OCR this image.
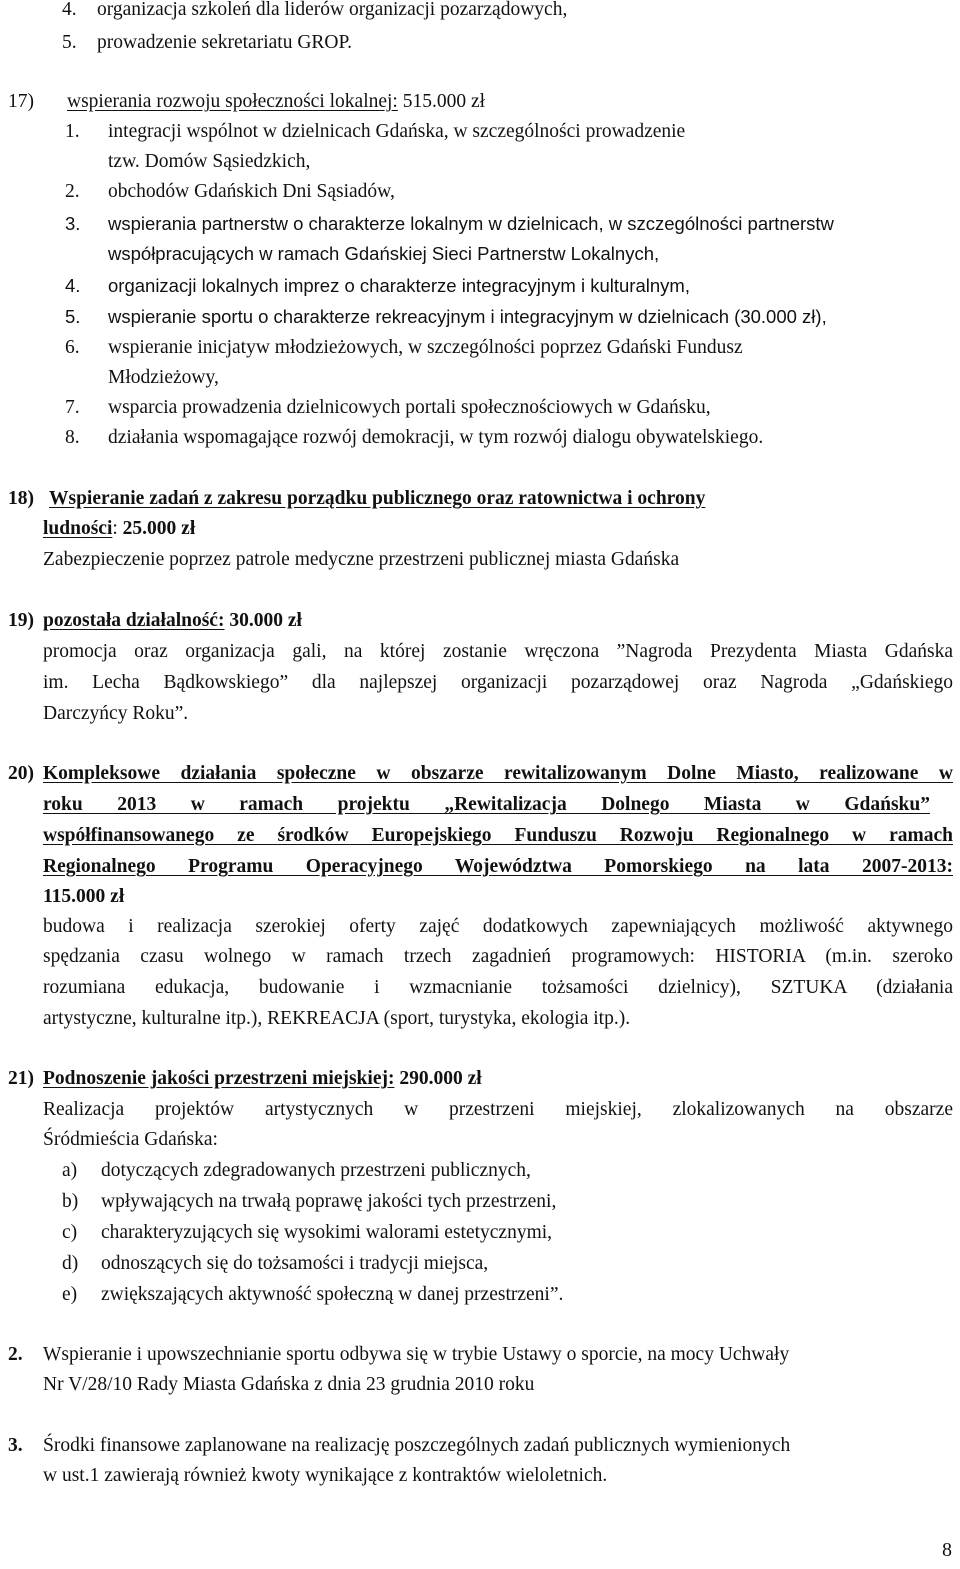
4. organizacja szkoleń dla liderów organizacji pozarządowych,
5. prowadzenie sekretariatu GROP.
17) wspierania rozwoju społeczności lokalnej: 515.000 zł
1. integracji wspólnot w dzielnicach Gdańska, w szczególności prowadzenie
tzw. Domów Sąsiedzkich,
2. obchodów Gdańskich Dni Sąsiadów,
3. wspierania partnerstw o charakterze lokalnym w dzielnicach, w szczególności partnerstw
współpracujących w ramach Gdańskiej Sieci Partnerstw Lokalnych,
4. organizacji lokalnych imprez o charakterze integracyjnym i kulturalnym,
5. wspieranie sportu o charakterze rekreacyjnym i integracyjnym w dzielnicach (30.000 zł),
6. wspieranie inicjatyw młodzieżowych, w szczególności poprzez Gdański Fundusz
Młodzieżowy,
7. wsparcia prowadzenia dzielnicowych portali społecznościowych w Gdańsku,
8. działania wspomagające rozwój demokracji, w tym rozwój dialogu obywatelskiego.
18) Wspieranie zadań z zakresu porządku publicznego oraz ratownictwa i ochrony
ludności: 25.000 zł
Zabezpieczenie poprzez patrole medyczne przestrzeni publicznej miasta Gdańska
19) pozostała działalność: 30.000 zł
promocja oraz organizacja gali, na której zostanie wręczona ”Nagroda Prezydenta Miasta Gdańska
im. Lecha Bądkowskiego” dla najlepszej organizacji pozarządowej oraz Nagroda „Gdańskiego
Darczyńcy Roku”.
20) Kompleksowe działania społeczne w obszarze rewitalizowanym Dolne Miasto, realizowane w
roku 2013 w ramach projektu „Rewitalizacja Dolnego Miasta w Gdańsku”
współfinansowanego ze środków Europejskiego Funduszu Rozwoju Regionalnego w ramach
Regionalnego Programu Operacyjnego Województwa Pomorskiego na lata 2007-2013:
115.000 zł
budowa i realizacja szerokiej oferty zajęć dodatkowych zapewniających możliwość aktywnego
spędzania czasu wolnego w ramach trzech zagadnień programowych: HISTORIA (m.in. szeroko
rozumiana edukacja, budowanie i wzmacnianie tożsamości dzielnicy), SZTUKA (działania
artystyczne, kulturalne itp.), REKREACJA (sport, turystyka, ekologia itp.).
21) Podnoszenie jakości przestrzeni miejskiej: 290.000 zł
Realizacja projektów artystycznych w przestrzeni miejskiej, zlokalizowanych na obszarze
Śródmieścia Gdańska:
a) dotyczących zdegradowanych przestrzeni publicznych,
b) wpływających na trwałą poprawę jakości tych przestrzeni,
c) charakteryzujących się wysokimi walorami estetycznymi,
d) odnoszących się do tożsamości i tradycji miejsca,
e) zwiększających aktywność społeczną w danej przestrzeni”.
2. Wspieranie i upowszechnianie sportu odbywa się w trybie Ustawy o sporcie, na mocy Uchwały
Nr V/28/10 Rady Miasta Gdańska z dnia 23 grudnia 2010 roku
3. Środki finansowe zaplanowane na realizację poszczególnych zadań publicznych wymienionych
w ust.1 zawierają również kwoty wynikające z kontraktów wieloletnich.
8
